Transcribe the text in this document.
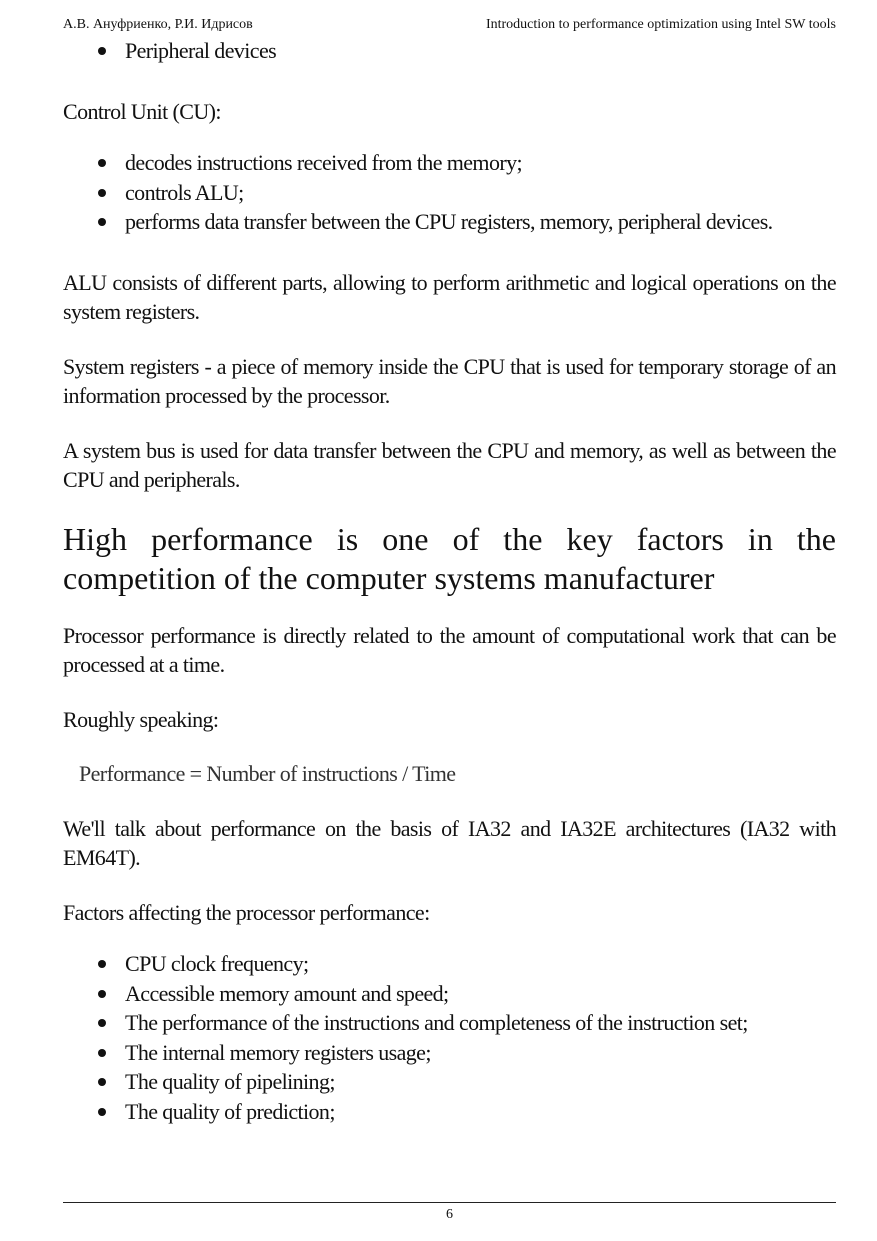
А.В. Ануфриенко, Р.И. Идрисов	Introduction to performance optimization using Intel SW tools
Peripheral devices

Control Unit (CU):

decodes instructions received from the memory;
controls ALU;
performs data transfer between the CPU registers, memory, peripheral devices.

ALU consists of different parts, allowing to perform arithmetic and logical operations on the system registers.

System registers - a piece of memory inside the CPU that is used for temporary storage of an information processed by the processor.

A system bus is used for data transfer between the CPU and memory, as well as between the CPU and peripherals.

High performance is one of the key factors in the competition of the computer systems manufacturer

Processor performance is directly related to the amount of computational work that can be processed at a time.

Roughly speaking:

Performance = Number of instructions / Time

We'll talk about performance on the basis of IA32 and IA32E architectures (IA32 with EM64T).

Factors affecting the processor performance:

CPU clock frequency;
Accessible memory amount and speed;
The performance of the instructions and completeness of the instruction set;
The internal memory registers usage;
The quality of pipelining;
The quality of prediction;
6
